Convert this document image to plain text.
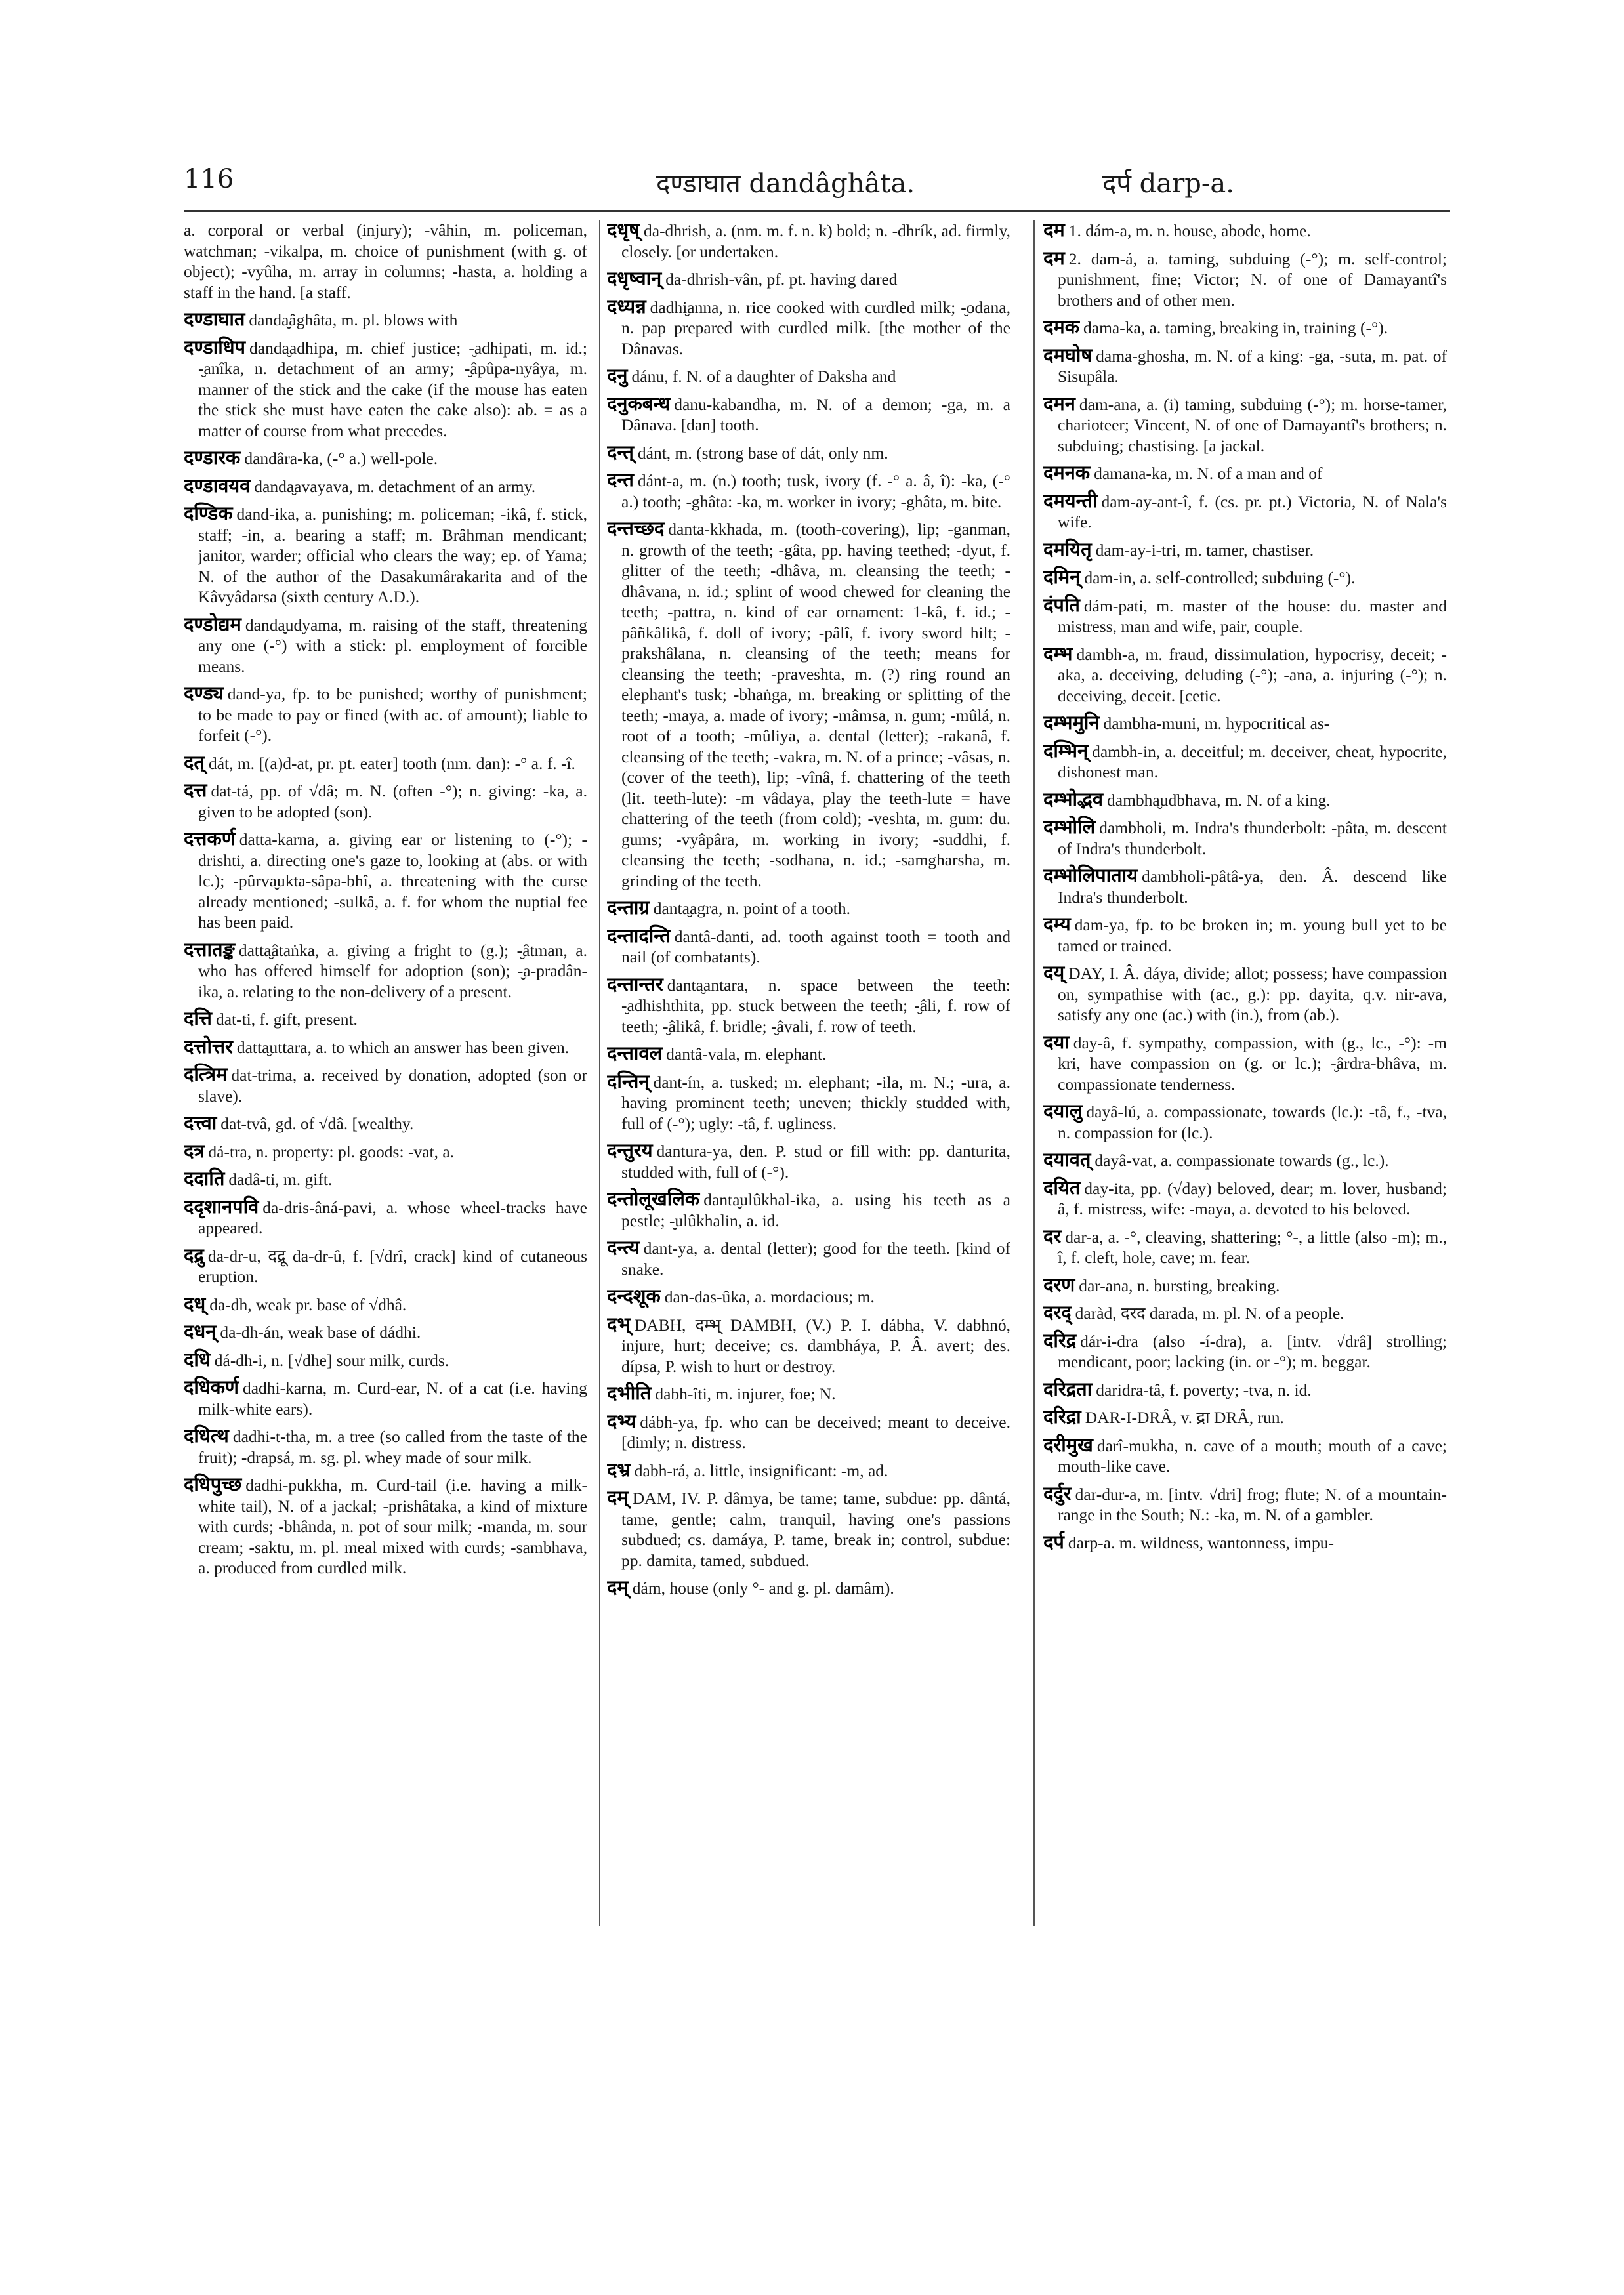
116	दण्डाघात dandâghâta.	दर्प darp-a.

a. corporal or verbal (injury); -vâhin, m. policeman, watchman; -vikalpa, m. choice of punishment (with g. of object); -vyûha, m. array in columns; -hasta, a. holding a staff in the hand. [a staff.

दण्डाघात danda̮âghâta, m. pl. blows with

दण्डाधिप danda̮adhipa, m. chief justice; -̮adhipati, m. id.; -̮anîka, n. detachment of an army; -̮âpûpa-nyâya, m. manner of the stick and the cake (if the mouse has eaten the stick she must have eaten the cake also): ab. = as a matter of course from what precedes.

दण्डारक dandâra-ka, (-° a.) well-pole.

दण्डावयव danda̮avayava, m. detachment of an army.

दण्डिक dand-ika, a. punishing; m. policeman; -ikâ, f. stick, staff; -in, a. bearing a staff; m. Brâhman mendicant; janitor, warder; official who clears the way; ep. of Yama; N. of the author of the Dasakumârakarita and of the Kâvyâdarsa (sixth century A.D.).

दण्डोद्यम danda̮udyama, m. raising of the staff, threatening any one (-°) with a stick: pl. employment of forcible means.

दण्ड्य dand-ya, fp. to be punished; worthy of punishment; to be made to pay or fined (with ac. of amount); liable to forfeit (-°).

दत् dát, m. [(a)d-at, pr. pt. eater] tooth (nm. dan): -° a. f. -î.

दत्त dat-tá, pp. of √dâ; m. N. (often -°); n. giving: -ka, a. given to be adopted (son).

दत्तकर्ण datta-karna, a. giving ear or listening to (-°); -drishti, a. directing one's gaze to, looking at (abs. or with lc.); -pûrva̮ukta-sâpa-bhî, a. threatening with the curse already mentioned; -sulkâ, a. f. for whom the nuptial fee has been paid.

दत्तातङ्क datta̮âtaṅka, a. giving a fright to (g.); -̮âtman, a. who has offered himself for adoption (son); -̮a-pradân-ika, a. relating to the non-delivery of a present.

दत्ति dat-ti, f. gift, present.

दत्तोत्तर datta̮uttara, a. to which an answer has been given.

दत्त्रिम dat-trima, a. received by donation, adopted (son or slave).

दत्त्वा dat-tvâ, gd. of √dâ. [wealthy.

दत्र dá-tra, n. property: pl. goods: -vat, a.

ददाति dadâ-ti, m. gift.

ददृशानपवि da-dris-âná-pavi, a. whose wheel-tracks have appeared.

दद्रु da-dr-u, दद्रू da-dr-û, f. [√drî, crack] kind of cutaneous eruption.

दध् da-dh, weak pr. base of √dhâ.

दधन् da-dh-án, weak base of dádhi.

दधि dá-dh-i, n. [√dhe] sour milk, curds.

दधिकर्ण dadhi-karna, m. Curd-ear, N. of a cat (i.e. having milk-white ears).

दधित्थ dadhi-t-tha, m. a tree (so called from the taste of the fruit); -drapsá, m. sg. pl. whey made of sour milk.

दधिपुच्छ dadhi-pukkha, m. Curd-tail (i.e. having a milk-white tail), N. of a jackal; -prishâtaka, a kind of mixture with curds; -bhânda, n. pot of sour milk; -manda, m. sour cream; -saktu, m. pl. meal mixed with curds; -sambhava, a. produced from curdled milk.

दधृष् da-dhrish, a. (nm. m. f. n. k) bold; n. -dhrík, ad. firmly, closely. [or undertaken.

दधृष्वान् da-dhrish-vân, pf. pt. having dared

दध्यन्न dadhi̮anna, n. rice cooked with curdled milk; -̮odana, n. pap prepared with curdled milk. [the mother of the Dânavas.

दनु dánu, f. N. of a daughter of Daksha and

दनुकबन्ध danu-kabandha, m. N. of a demon; -ga, m. a Dânava. [dan] tooth.

दन्त् dánt, m. (strong base of dát, only nm.

दन्त dánt-a, m. (n.) tooth; tusk, ivory (f. -° a. â, î): -ka, (-° a.) tooth; -ghâta: -ka, m. worker in ivory; -ghâta, m. bite.

दन्तच्छद danta-kkhada, m. (tooth-covering), lip; -ganman, n. growth of the teeth; -gâta, pp. having teethed; -dyut, f. glitter of the teeth; -dhâva, m. cleansing the teeth; -dhâvana, n. id.; splint of wood chewed for cleaning the teeth; -pattra, n. kind of ear ornament: 1-kâ, f. id.; -pâñkâlikâ, f. doll of ivory; -pâlî, f. ivory sword hilt; -prakshâlana, n. cleansing of the teeth; means for cleansing the teeth; -praveshta, m. (?) ring round an elephant's tusk; -bhaṅga, m. breaking or splitting of the teeth; -maya, a. made of ivory; -mâmsa, n. gum; -mûlá, n. root of a tooth; -mûliya, a. dental (letter); -rakanâ, f. cleansing of the teeth; -vakra, m. N. of a prince; -vâsas, n. (cover of the teeth), lip; -vînâ, f. chattering of the teeth (lit. teeth-lute): -m vâdaya, play the teeth-lute = have chattering of the teeth (from cold); -veshta, m. gum: du. gums; -vyâpâra, m. working in ivory; -suddhi, f. cleansing the teeth; -sodhana, n. id.; -samgharsha, m. grinding of the teeth.

दन्ताग्र danta̮agra, n. point of a tooth.

दन्तादन्ति dantâ-danti, ad. tooth against tooth = tooth and nail (of combatants).

दन्तान्तर danta̮antara, n. space between the teeth: -̮adhishthita, pp. stuck between the teeth; -̮âli, f. row of teeth; -̮âlikâ, f. bridle; -̮âvali, f. row of teeth.

दन्तावल dantâ-vala, m. elephant.

दन्तिन् dant-ín, a. tusked; m. elephant; -ila, m. N.; -ura, a. having prominent teeth; uneven; thickly studded with, full of (-°); ugly: -tâ, f. ugliness.

दन्तुरय dantura-ya, den. P. stud or fill with: pp. danturita, studded with, full of (-°).

दन्तोलूखलिक danta̮ulûkhal-ika, a. using his teeth as a pestle; -̮ulûkhalin, a. id.

दन्त्य dant-ya, a. dental (letter); good for the teeth. [kind of snake.

दन्दशूक dan-das-ûka, a. mordacious; m.

दभ् DABH, दम्भ् DAMBH, (V.) P. I. dábha, V. dabhnó, injure, hurt; deceive; cs. dambháya, P. Â. avert; des. dípsa, P. wish to hurt or destroy.

दभीति dabh-îti, m. injurer, foe; N.

दभ्य dábh-ya, fp. who can be deceived; meant to deceive. [dimly; n. distress.

दभ्र dabh-rá, a. little, insignificant: -m, ad.

दम् DAM, IV. P. dâmya, be tame; tame, subdue: pp. dântá, tame, gentle; calm, tranquil, having one's passions subdued; cs. damáya, P. tame, break in; control, subdue: pp. damita, tamed, subdued.

दम् dám, house (only °- and g. pl. damâm).

दम 1. dám-a, m. n. house, abode, home.

दम 2. dam-á, a. taming, subduing (-°); m. self-control; punishment, fine; Victor; N. of one of Damayantî's brothers and of other men.

दमक dama-ka, a. taming, breaking in, training (-°).

दमघोष dama-ghosha, m. N. of a king: -ga, -suta, m. pat. of Sisupâla.

दमन dam-ana, a. (i) taming, subduing (-°); m. horse-tamer, charioteer; Vincent, N. of one of Damayantî's brothers; n. subduing; chastising. [a jackal.

दमनक damana-ka, m. N. of a man and of

दमयन्ती dam-ay-ant-î, f. (cs. pr. pt.) Victoria, N. of Nala's wife.

दमयितृ dam-ay-i-tri, m. tamer, chastiser.

दमिन् dam-in, a. self-controlled; subduing (-°).

दंपति dám-pati, m. master of the house: du. master and mistress, man and wife, pair, couple.

दम्भ dambh-a, m. fraud, dissimulation, hypocrisy, deceit; -aka, a. deceiving, deluding (-°); -ana, a. injuring (-°); n. deceiving, deceit. [cetic.

दम्भमुनि dambha-muni, m. hypocritical as-

दम्भिन् dambh-in, a. deceitful; m. deceiver, cheat, hypocrite, dishonest man.

दम्भोद्भव dambha̮udbhava, m. N. of a king.

दम्भोलि dambholi, m. Indra's thunderbolt: -pâta, m. descent of Indra's thunderbolt.

दम्भोलिपाताय dambholi-pâtâ-ya, den. Â. descend like Indra's thunderbolt.

दम्य dam-ya, fp. to be broken in; m. young bull yet to be tamed or trained.

दय् DAY, I. Â. dáya, divide; allot; possess; have compassion on, sympathise with (ac., g.): pp. dayita, q.v. nir-ava, satisfy any one (ac.) with (in.), from (ab.).

दया day-â, f. sympathy, compassion, with (g., lc., -°): -m kri, have compassion on (g. or lc.); -̮ârdra-bhâva, m. compassionate tenderness.

दयालु dayâ-lú, a. compassionate, towards (lc.): -tâ, f., -tva, n. compassion for (lc.).

दयावत् dayâ-vat, a. compassionate towards (g., lc.).

दयित day-ita, pp. (√day) beloved, dear; m. lover, husband; â, f. mistress, wife: -maya, a. devoted to his beloved.

दर dar-a, a. -°, cleaving, shattering; °-, a little (also -m); m., î, f. cleft, hole, cave; m. fear.

दरण dar-ana, n. bursting, breaking.

दरद् daràd, दरद darada, m. pl. N. of a people.

दरिद्र dár-i-dra (also -í-dra), a. [intv. √drâ] strolling; mendicant, poor; lacking (in. or -°); m. beggar.

दरिद्रता daridra-tâ, f. poverty; -tva, n. id.

दरिद्रा DAR-I-DRÂ, v. द्रा DRÂ, run.

दरीमुख darî-mukha, n. cave of a mouth; mouth of a cave; mouth-like cave.

दर्दुर dar-dur-a, m. [intv. √dri] frog; flute; N. of a mountain-range in the South; N.: -ka, m. N. of a gambler.

दर्प darp-a. m. wildness, wantonness, impu-
